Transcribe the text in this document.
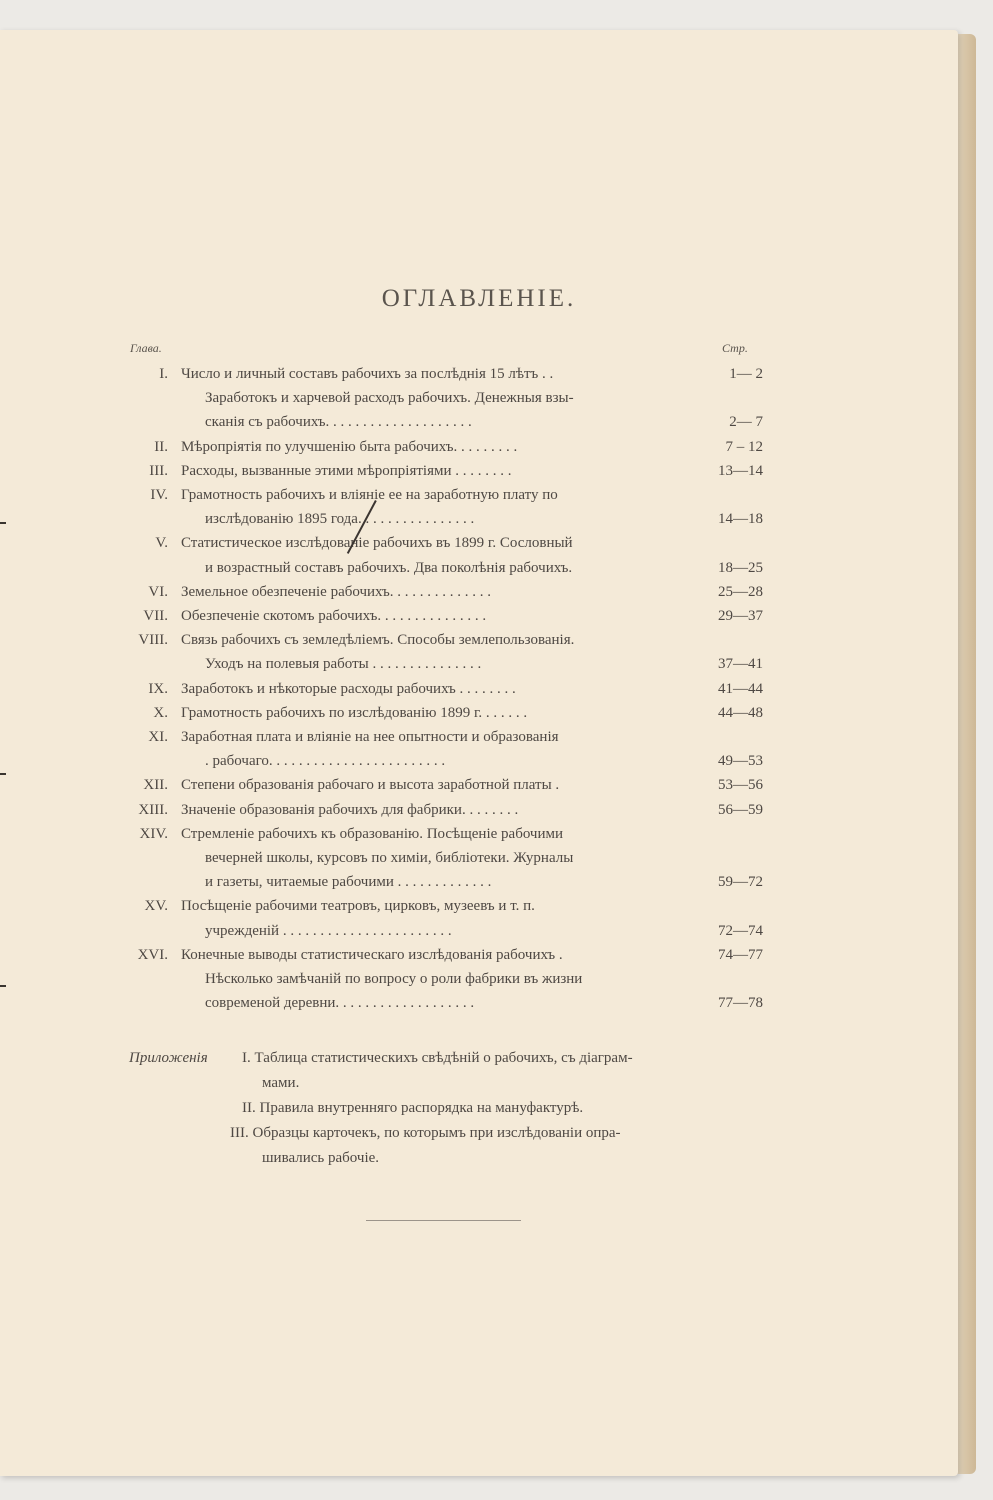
ОГЛАВЛЕНІЕ.
Глава.	Стр.
I. Число и личный составъ рабочихъ за послѣднія 15 лѣтъ . .	1— 2
Заработокъ и харчевой расходъ рабочихъ. Денежныя взы-
сканія съ рабочихъ. . . . . . . . . . . . . . . . . . . .	2— 7
II. Мѣропріятія по улучшенію быта рабочихъ. . . . . . . . .	7 – 12
III. Расходы, вызванные этими мѣропріятіями . . . . . . . .	13—14
IV. Грамотность рабочихъ и вліяніе ее на заработную плату по
изслѣдованію 1895 года. . . . . . . . . . . . . . . .	14—18
V. Статистическое изслѣдованіе рабочихъ въ 1899 г. Сословный
и возрастный составъ рабочихъ. Два поколѣнія рабочихъ.	18—25
VI. Земельное обезпеченіе рабочихъ. . . . . . . . . . . . . .	25—28
VII. Обезпеченіе скотомъ рабочихъ. . . . . . . . . . . . . . .	29—37
VIII. Связь рабочихъ съ земледѣліемъ. Способы землепользованія.
Уходъ на полевыя работы . . . . . . . . . . . . . . .	37—41
IX. Заработокъ и нѣкоторые расходы рабочихъ . . . . . . . .	41—44
X. Грамотность рабочихъ по изслѣдованію 1899 г. . . . . . .	44—48
XI. Заработная плата и вліяніе на нее опытности и образованія
. рабочаго. . . . . . . . . . . . . . . . . . . . . . . .	49—53
XII. Степени образованія рабочаго и высота заработной платы .	53—56
XIII. Значеніе образованія рабочихъ для фабрики. . . . . . . .	56—59
XIV. Стремленіе рабочихъ къ образованію. Посѣщеніе рабочими
вечерней школы, курсовъ по химіи, библіотеки. Журналы
и газеты, читаемые рабочими . . . . . . . . . . . . .	59—72
XV. Посѣщеніе рабочими театровъ, цирковъ, музеевъ и т. п.
учрежденій . . . . . . . . . . . . . . . . . . . . . . .	72—74
XVI. Конечные выводы статистическаго изслѣдованія рабочихъ .	74—77
Нѣсколько замѣчаній по вопросу о роли фабрики въ жизни
современой деревни. . . . . . . . . . . . . . . . . . .	77—78
Приложенія I. Таблица статистическихъ свѣдѣній о рабочихъ, съ діаграм-
мами.
II. Правила внутренняго распорядка на мануфактурѣ.
III. Образцы карточекъ, по которымъ при изслѣдованіи опра-
шивались рабочіе.
